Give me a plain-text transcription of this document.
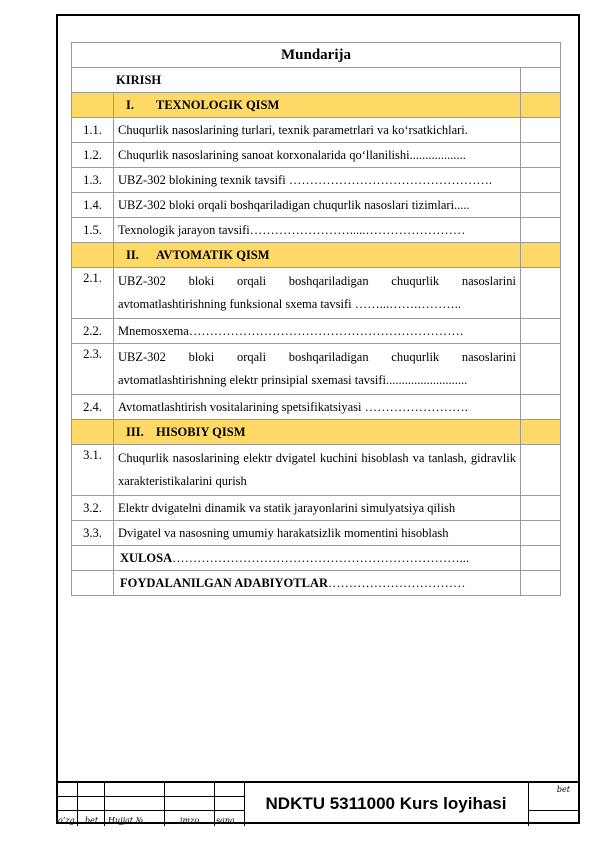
Mundarija		
KIRISH		
	I. TEXNOLOGIK QISM	
1.1.	Chuqurlik nasoslarining turlari, texnik parametrlari va ko‘rsatkichlari.	
1.2.	Chuqurlik nasoslarining sanoat korxonalarida qo‘llanilishi..................	
1.3.	UBZ-302 blokining texnik tavsifi ………………………………………….	
1.4.	UBZ-302 bloki orqali boshqariladigan chuqurlik nasoslari tizimlari.....	
1.5.	Texnologik jarayon tavsifi…………………….....……………………	
	II. AVTOMATIK QISM	
2.1.	UBZ-302 bloki orqali boshqariladigan chuqurlik nasoslarini avtomatlashtirishning funksional sxema tavsifi ……...…….………..	
2.2.	Mnemosxema…………………………………………………………	
2.3.	UBZ-302 bloki orqali boshqariladigan chuqurlik nasoslarini avtomatlashtirishning elektr prinsipial sxemasi tavsifi..........................	
2.4.	Avtomatlashtirish vositalarining spetsifikatsiyasi …………………….	
	III. HISOBIY QISM	
3.1.	Chuqurlik nasoslarining elektr dvigatel kuchini hisoblash va tanlash, gidravlik xarakteristikalarini qurish	
3.2.	Elektr dvigatelni dinamik va statik jarayonlarini simulyatsiya qilish	
3.3.	Dvigatel va nasosning umumiy harakatsizlik momentini hisoblash	
	XULOSA……………………………………………………………...	
	FOYDALANILGAN ADABIYOTLAR……………………………	
o‘zg bet Hujjat №	imzo sana
NDKTU 5311000 Kurs loyihasi
bet
